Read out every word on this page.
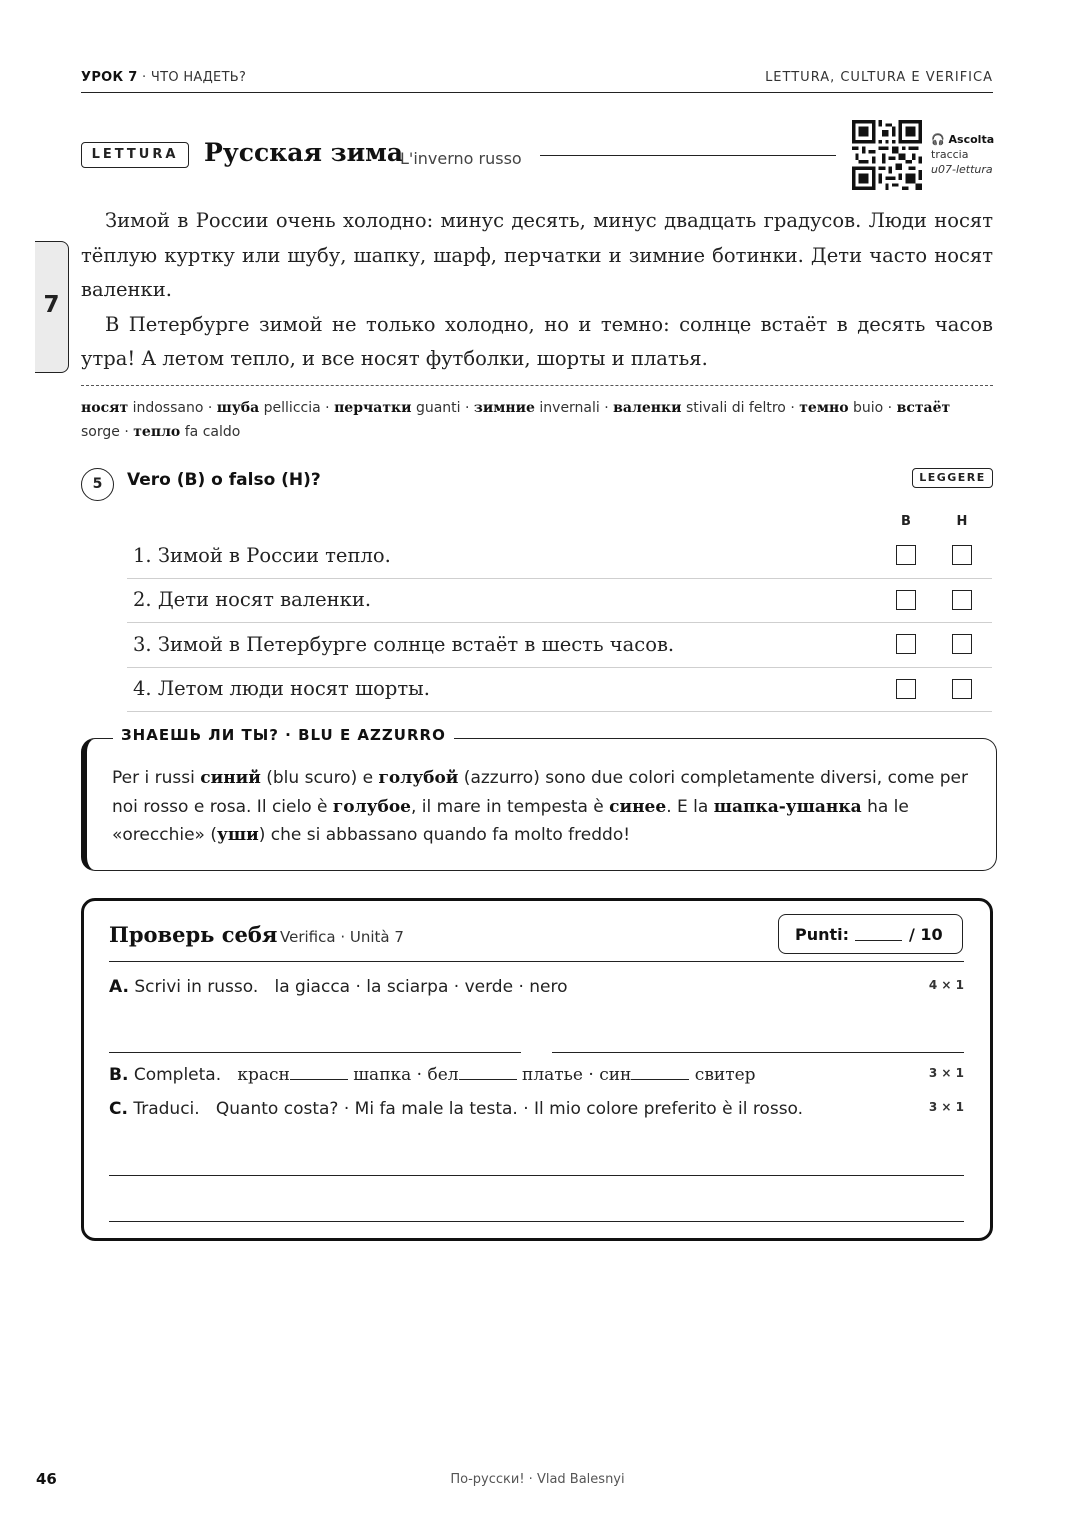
УРОК 7 · ЧТО НАДЕТЬ?	LETTURA, CULTURA E VERIFICA
7
LETTURA	Русская зима
L'inverno russo
🎧 Ascolta
traccia
u07-lettura

Зимой в России очень холодно: минус десять, минус двадцать градусов. Люди носят тёплую куртку или шубу, шапку, шарф, перчатки и зимние ботинки. Дети часто носят валенки.

В Петербурге зимой не только холодно, но и темно: солнце встаёт в десять часов утра! А летом тепло, и все носят футболки, шорты и платья.

носят indossano · шуба pelliccia · перчатки guanti · зимние invernali · валенки stivali di feltro · темно buio · встаёт sorge · тепло fa caldo
5	Vero (В) o falso (Н)?	LEGGERE
В	Н
1. Зимой в России тепло.
2. Дети носят валенки.
3. Зимой в Петербурге солнце встаёт в шесть часов.
4. Летом люди носят шорты.
ЗНАЕШЬ ЛИ ТЫ? · BLU E AZZURRO
Per i russi синий (blu scuro) e голубой (azzurro) sono due colori completamente diversi, come per noi rosso e rosa. Il cielo è голубое, il mare in tempesta è синее. E la шапка-ушанка ha le «orecchie» (уши) che si abbassano quando fa molto freddo!
Проверь себя Verifica · Unità 7	Punti:	/ 10
A. Scrivi in russo. la giacca · la sciarpa · verde · nero	4 × 1
B. Completa. красн	шапка · бел	платье · син	свитер	3 × 1
C. Traduci. Quanto costa? · Mi fa male la testa. · Il mio colore preferito è il rosso.	3 × 1
46	По-русски! · Vlad Balesnyi
